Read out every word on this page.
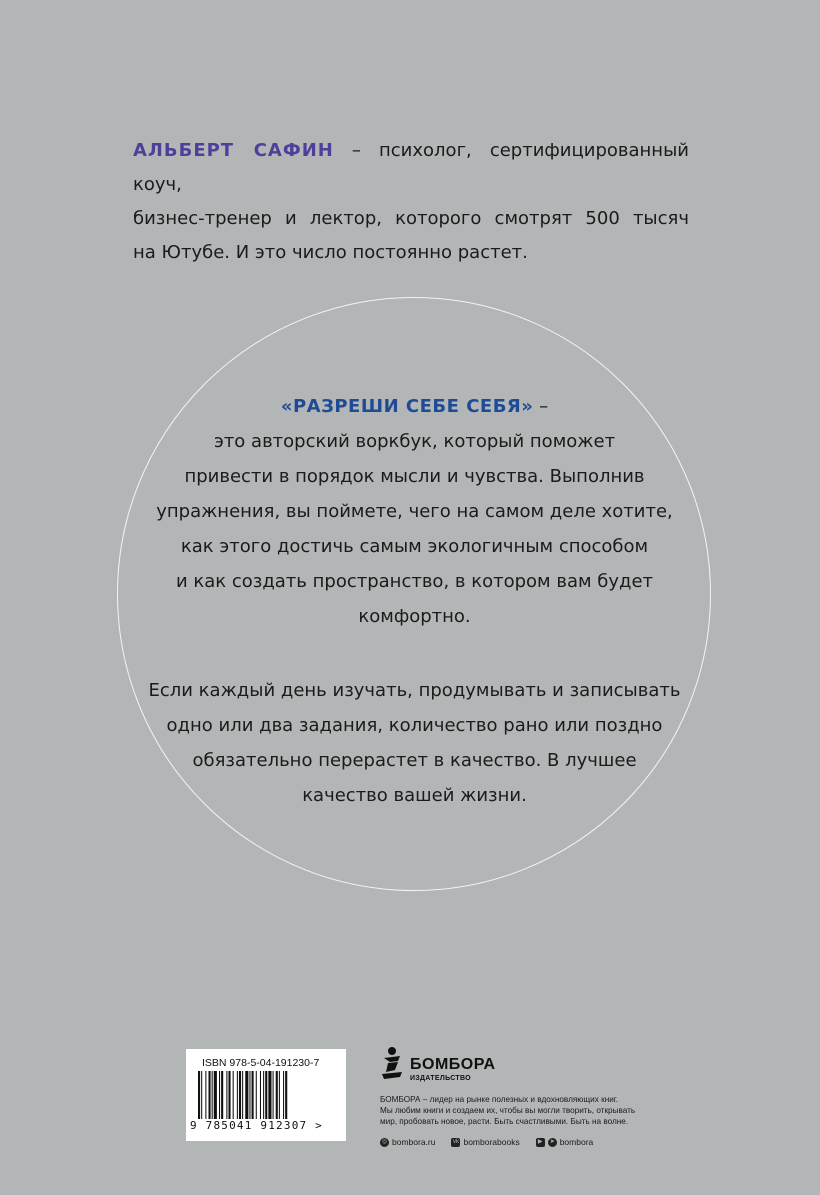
АЛЬБЕРТ САФИН – психолог, сертифицированный коуч,

бизнес-тренер и лектор, которого смотрят 500 тысяч

на Ютубе. И это число постоянно растет.

«РАЗРЕШИ СЕБЕ СЕБЯ» –

это авторский воркбук, который поможет

привести в порядок мысли и чувства. Выполнив

упражнения, вы поймете, чего на самом деле хотите,

как этого достичь самым экологичным способом

и как создать пространство, в котором вам будет

комфортно.

Если каждый день изучать, продумывать и записывать

одно или два задания, количество рано или поздно

обязательно перерастет в качество. В лучшее

качество вашей жизни.

ISBN 978-5-04-191230-7
9 785041 912307 >
БОМБОРА
ИЗДАТЕЛЬСТВО
БОМБОРА – лидер на рынке полезных и вдохновляющих книг.
Мы любим книги и создаем их, чтобы вы могли творить, открывать
мир, пробовать новое, расти. Быть счастливыми. Быть на волне.
◎ bombora.ru	vk bomborabooks	▶	➤ bombora
